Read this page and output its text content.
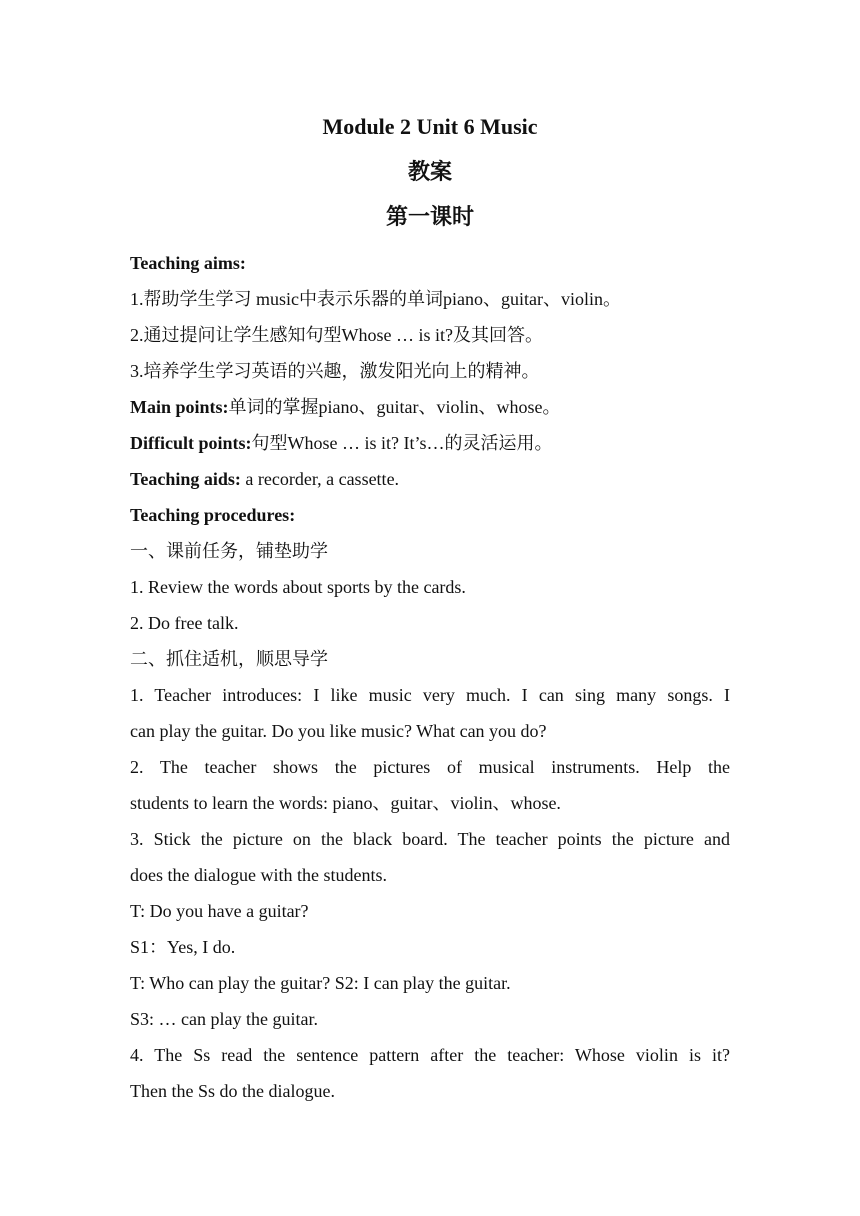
Module 2 Unit 6 Music
教案
第一课时
Teaching aims:
1.帮助学生学习 music中表示乐器的单词piano、guitar、violin。
2.通过提问让学生感知句型Whose … is it?及其回答。
3.培养学生学习英语的兴趣，激发阳光向上的精神。
Main points:单词的掌握piano、guitar、violin、whose。
Difficult points:句型Whose … is it? It’s…的灵活运用。
Teaching aids: a recorder, a cassette.
Teaching procedures:
一、课前任务，铺垫助学
1. Review the words about sports by the cards.
2. Do free talk.
二、抓住适机，顺思导学
1. Teacher introduces: I like music very much. I can sing many songs. I
can play the guitar. Do you like music? What can you do?
2. The teacher shows the pictures of musical instruments. Help the
students to learn the words: piano、guitar、violin、whose.
3. Stick the picture on the black board. The teacher points the picture and
does the dialogue with the students.
T: Do you have a guitar?
S1：Yes, I do.
T: Who can play the guitar? S2: I can play the guitar.
S3: … can play the guitar.
4. The Ss read the sentence pattern after the teacher: Whose violin is it?
Then the Ss do the dialogue.
